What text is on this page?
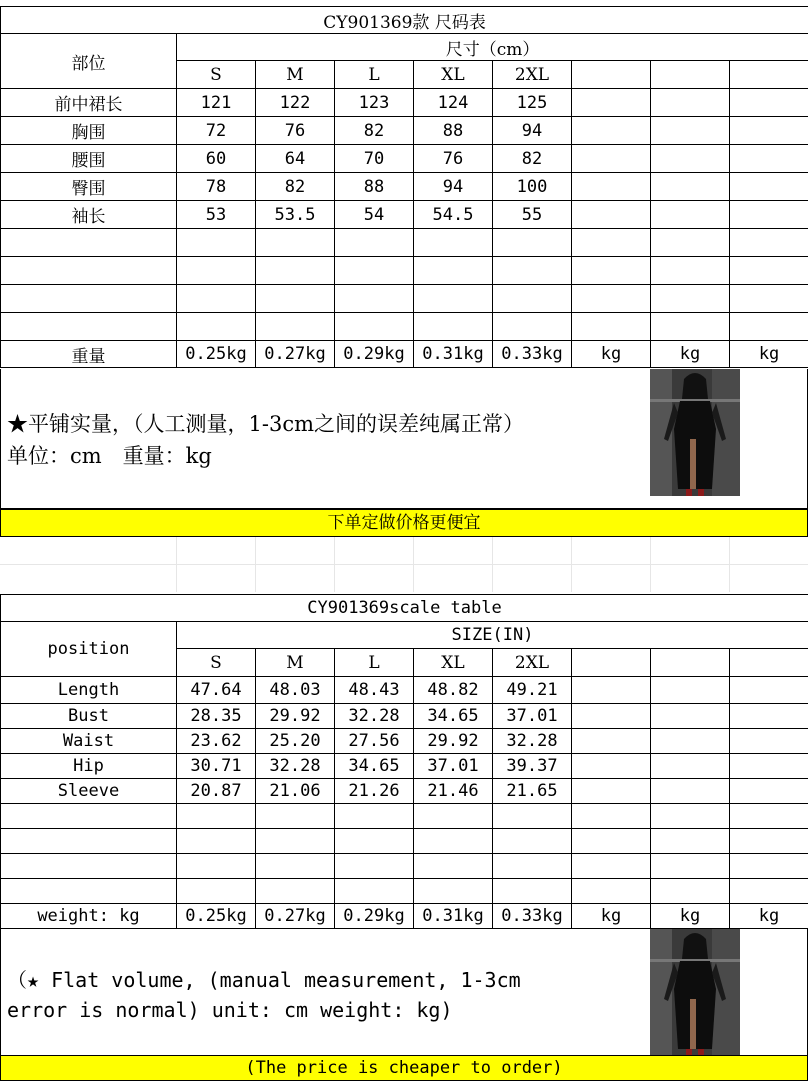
CY901369款 尺码表								
部位	尺寸（cm）							
	S	M	L	XL	2XL			
前中裙长	121	122	123	124	125			
胸围	72	76	82	88	94			
腰围	60	64	70	76	82			
臀围	78	82	88	94	100			
袖长	53	53.5	54	54.5	55			

重量	0.25kg	0.27kg	0.29kg	0.31kg	0.33kg	kg	kg	kg
★平铺实量，（人工测量，1-3cm之间的误差纯属正常）
单位：cm　重量：kg
下单定做价格更便宜
CY901369scale table								
position	SIZE(IN)							
	S	M	L	XL	2XL			
Length	47.64	48.03	48.43	48.82	49.21			
Bust	28.35	29.92	32.28	34.65	37.01			
Waist	23.62	25.20	27.56	29.92	32.28			
Hip	30.71	32.28	34.65	37.01	39.37			
Sleeve	20.87	21.06	21.26	21.46	21.65			

weight: kg	0.25kg	0.27kg	0.29kg	0.31kg	0.33kg	kg	kg	kg
（★ Flat volume, (manual measurement, 1-3cm
error is normal) unit: cm weight: kg)
(The price is cheaper to order)
